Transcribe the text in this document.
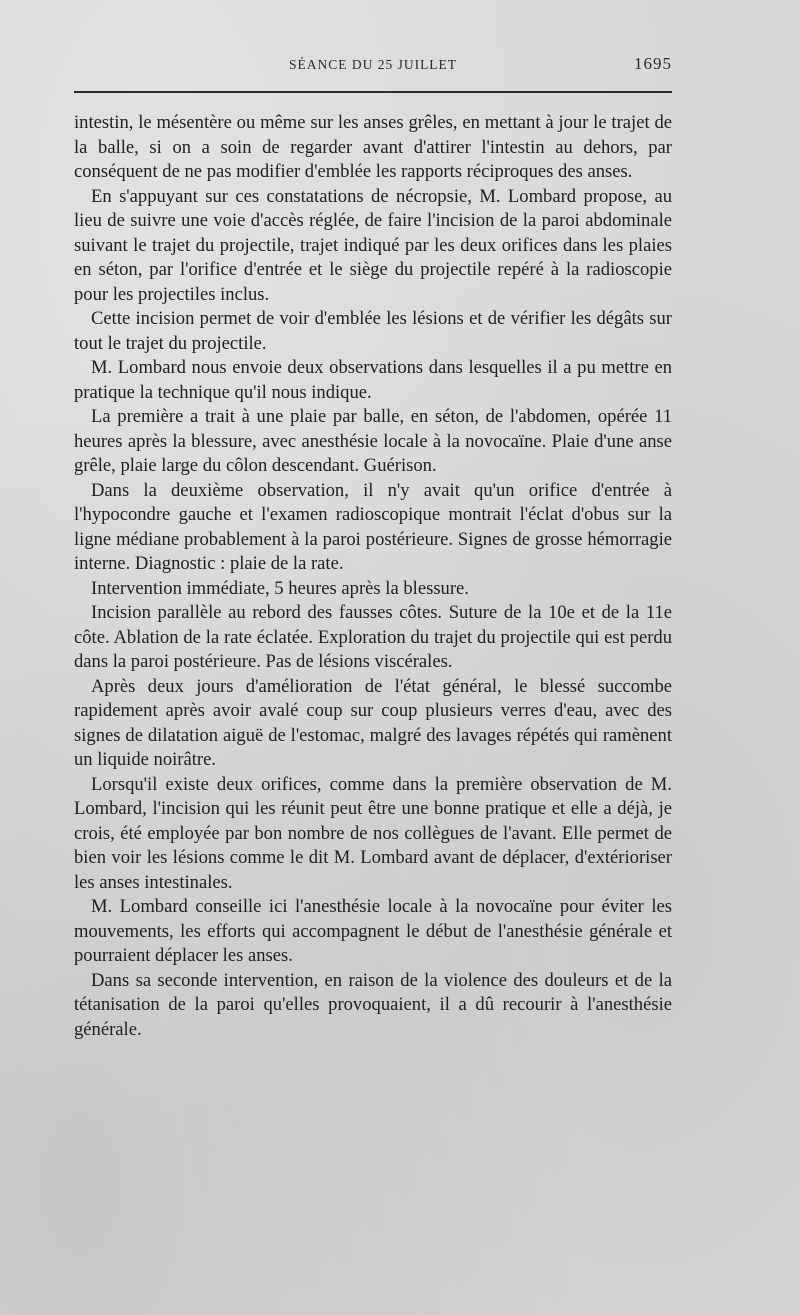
SÉANCE DU 25 JUILLET	1695

intestin, le mésentère ou même sur les anses grêles, en mettant à jour le trajet de la balle, si on a soin de regarder avant d'attirer l'intestin au dehors, par conséquent de ne pas modifier d'emblée les rapports réciproques des anses.

En s'appuyant sur ces constatations de nécropsie, M. Lombard propose, au lieu de suivre une voie d'accès réglée, de faire l'incision de la paroi abdominale suivant le trajet du projectile, trajet indiqué par les deux orifices dans les plaies en séton, par l'orifice d'entrée et le siège du projectile repéré à la radioscopie pour les projectiles inclus.

Cette incision permet de voir d'emblée les lésions et de vérifier les dégâts sur tout le trajet du projectile.

M. Lombard nous envoie deux observations dans lesquelles il a pu mettre en pratique la technique qu'il nous indique.

La première a trait à une plaie par balle, en séton, de l'abdomen, opérée 11 heures après la blessure, avec anesthésie locale à la novocaïne. Plaie d'une anse grêle, plaie large du côlon descendant. Guérison.

Dans la deuxième observation, il n'y avait qu'un orifice d'entrée à l'hypocondre gauche et l'examen radioscopique montrait l'éclat d'obus sur la ligne médiane probablement à la paroi postérieure. Signes de grosse hémorragie interne. Diagnostic : plaie de la rate.

Intervention immédiate, 5 heures après la blessure.

Incision parallèle au rebord des fausses côtes. Suture de la 10e et de la 11e côte. Ablation de la rate éclatée. Exploration du trajet du projectile qui est perdu dans la paroi postérieure. Pas de lésions viscérales.

Après deux jours d'amélioration de l'état général, le blessé succombe rapidement après avoir avalé coup sur coup plusieurs verres d'eau, avec des signes de dilatation aiguë de l'estomac, malgré des lavages répétés qui ramènent un liquide noirâtre.

Lorsqu'il existe deux orifices, comme dans la première observation de M. Lombard, l'incision qui les réunit peut être une bonne pratique et elle a déjà, je crois, été employée par bon nombre de nos collègues de l'avant. Elle permet de bien voir les lésions comme le dit M. Lombard avant de déplacer, d'extérioriser les anses intestinales.

M. Lombard conseille ici l'anesthésie locale à la novocaïne pour éviter les mouvements, les efforts qui accompagnent le début de l'anesthésie générale et pourraient déplacer les anses.

Dans sa seconde intervention, en raison de la violence des douleurs et de la tétanisation de la paroi qu'elles provoquaient, il a dû recourir à l'anesthésie générale.
